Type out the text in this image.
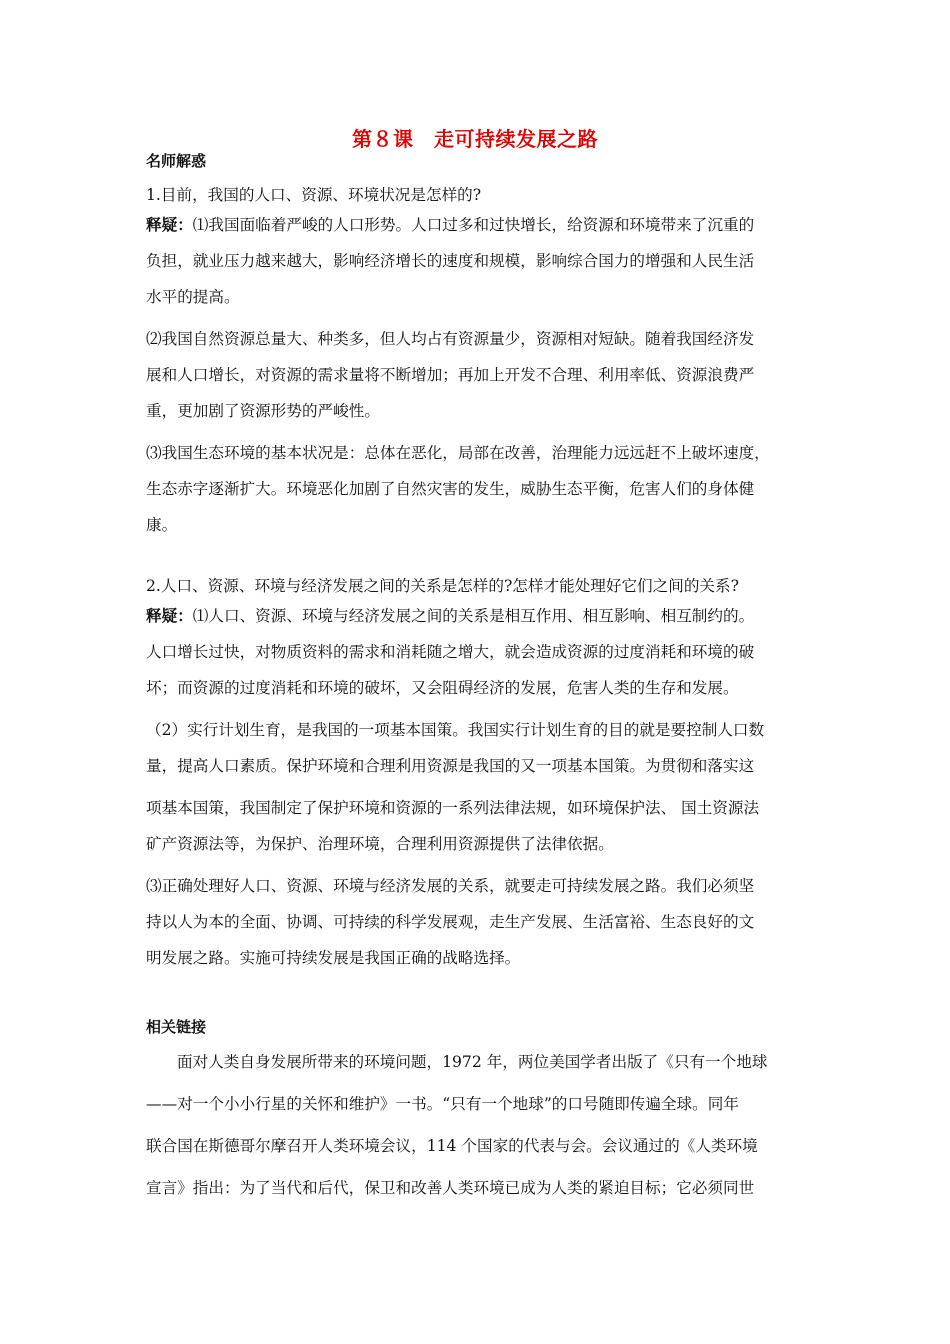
第８课　走可持续发展之路
名师解惑
1.目前，我国的人口、资源、环境状况是怎样的?
释疑：⑴我国面临着严峻的人口形势。人口过多和过快增长，给资源和环境带来了沉重的
负担，就业压力越来越大，影响经济增长的速度和规模，影响综合国力的增强和人民生活
水平的提高。
⑵我国自然资源总量大、种类多，但人均占有资源量少，资源相对短缺。随着我国经济发
展和人口增长，对资源的需求量将不断增加；再加上开发不合理、利用率低、资源浪费严
重，更加剧了资源形势的严峻性。
⑶我国生态环境的基本状况是：总体在恶化，局部在改善，治理能力远远赶不上破坏速度，
生态赤字逐渐扩大。环境恶化加剧了自然灾害的发生，威胁生态平衡，危害人们的身体健
康。
2.人口、资源、环境与经济发展之间的关系是怎样的?怎样才能处理好它们之间的关系?
释疑：⑴人口、资源、环境与经济发展之间的关系是相互作用、相互影响、相互制约的。
人口增长过快，对物质资料的需求和消耗随之增大，就会造成资源的过度消耗和环境的破
坏；而资源的过度消耗和环境的破坏，又会阻碍经济的发展，危害人类的生存和发展。
（2）实行计划生育，是我国的一项基本国策。我国实行计划生育的目的就是要控制人口数
量，提高人口素质。保护环境和合理利用资源是我国的又一项基本国策。为贯彻和落实这
项基本国策，我国制定了保护环境和资源的一系列法律法规，如环境保护法、 国土资源法
矿产资源法等，为保护、治理环境，合理利用资源提供了法律依据。
⑶正确处理好人口、资源、环境与经济发展的关系，就要走可持续发展之路。我们必须坚
持以人为本的全面、协调、可持续的科学发展观，走生产发展、生活富裕、生态良好的文
明发展之路。实施可持续发展是我国正确的战略选择。
相关链接
面对人类自身发展所带来的环境问题，1972 年，两位美国学者出版了《只有一个地球
——对一个小小行星的关怀和维护》一书。“只有一个地球”的口号随即传遍全球。同年
联合国在斯德哥尔摩召开人类环境会议，114 个国家的代表与会。会议通过的《人类环境
宣言》指出：为了当代和后代，保卫和改善人类环境已成为人类的紧迫目标；它必须同世
